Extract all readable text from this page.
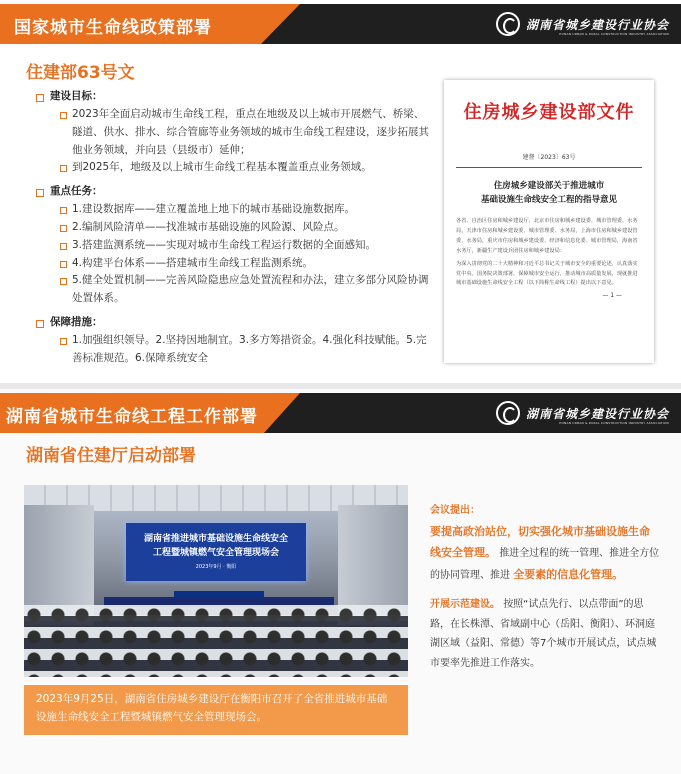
国家城市生命线政策部署	湖南省城乡建设行业协会
HUNAN URBAN & RURAL CONSTRUCTION INDUSTRY ASSOCIATION
住建部63号文
建设目标：
2023年全面启动城市生命线工程，重点在地级及以上城市开展燃气、桥梁、隧道、供水、排水、综合管廊等业务领域的城市生命线工程建设，逐步拓展其他业务领域，并向县（县级市）延伸；
到2025年，地级及以上城市生命线工程基本覆盖重点业务领域。
重点任务：
1.建设数据库——建立覆盖地上地下的城市基础设施数据库。
2.编制风险清单——找准城市基础设施的风险源、风险点。
3.搭建监测系统——实现对城市生命线工程运行数据的全面感知。
4.构建平台体系——搭建城市生命线工程监测系统。
5.健全处置机制——完善风险隐患应急处置流程和办法，建立多部分风险协调处置体系。
保障措施：
1.加强组织领导。2.坚持因地制宜。3.多方筹措资金。4.强化科技赋能。5.完善标准规范。6.保障系统安全
住房城乡建设部文件
建督〔2023〕63号
住房城乡建设部关于推进城市
基础设施生命线安全工程的指导意见

各省、自治区住房和城乡建设厅，北京市住房和城乡建设委、城市管理委、水务局，天津市住房和城乡建设委、城市管理委、水务局，上海市住房和城乡建设管委、水务局，重庆市住房和城乡建设委、经济和信息化委、城市管理局，海南省水务厅，新疆生产建设兵团住房和城乡建设局：

为深入贯彻党的二十大精神和习近平总书记关于城市安全的重要论述，认真落实党中央、国务院决策部署，保障城市安全运行，推动城市高质量发展，现就推进城市基础设施生命线安全工程（以下简称生命线工程）提出以下意见。

— 1 —
湖南省城市生命线工程工作部署	湖南省城乡建设行业协会
HUNAN URBAN & RURAL CONSTRUCTION INDUSTRY ASSOCIATION
湖南省住建厅启动部署
湖南省推进城市基础设施生命线安全
工程暨城镇燃气安全管理现场会
2023年9月 · 衡阳
2023年9月25日，湖南省住房城乡建设厅在衡阳市召开了全省推进城市基础设施生命线安全工程暨城镇燃气安全管理现场会。

会议提出：
要提高政治站位，切实强化城市基础设施生命线安全管理。 推进全过程的统一管理、推进全方位的协同管理、推进 全要素的信息化管理。

开展示范建设。 按照“试点先行、以点带面”的思路，在长株潭、省域副中心（岳阳、衡阳）、环洞庭湖区域（益阳、常德）等7个城市开展试点，试点城市要率先推进工作落实。
